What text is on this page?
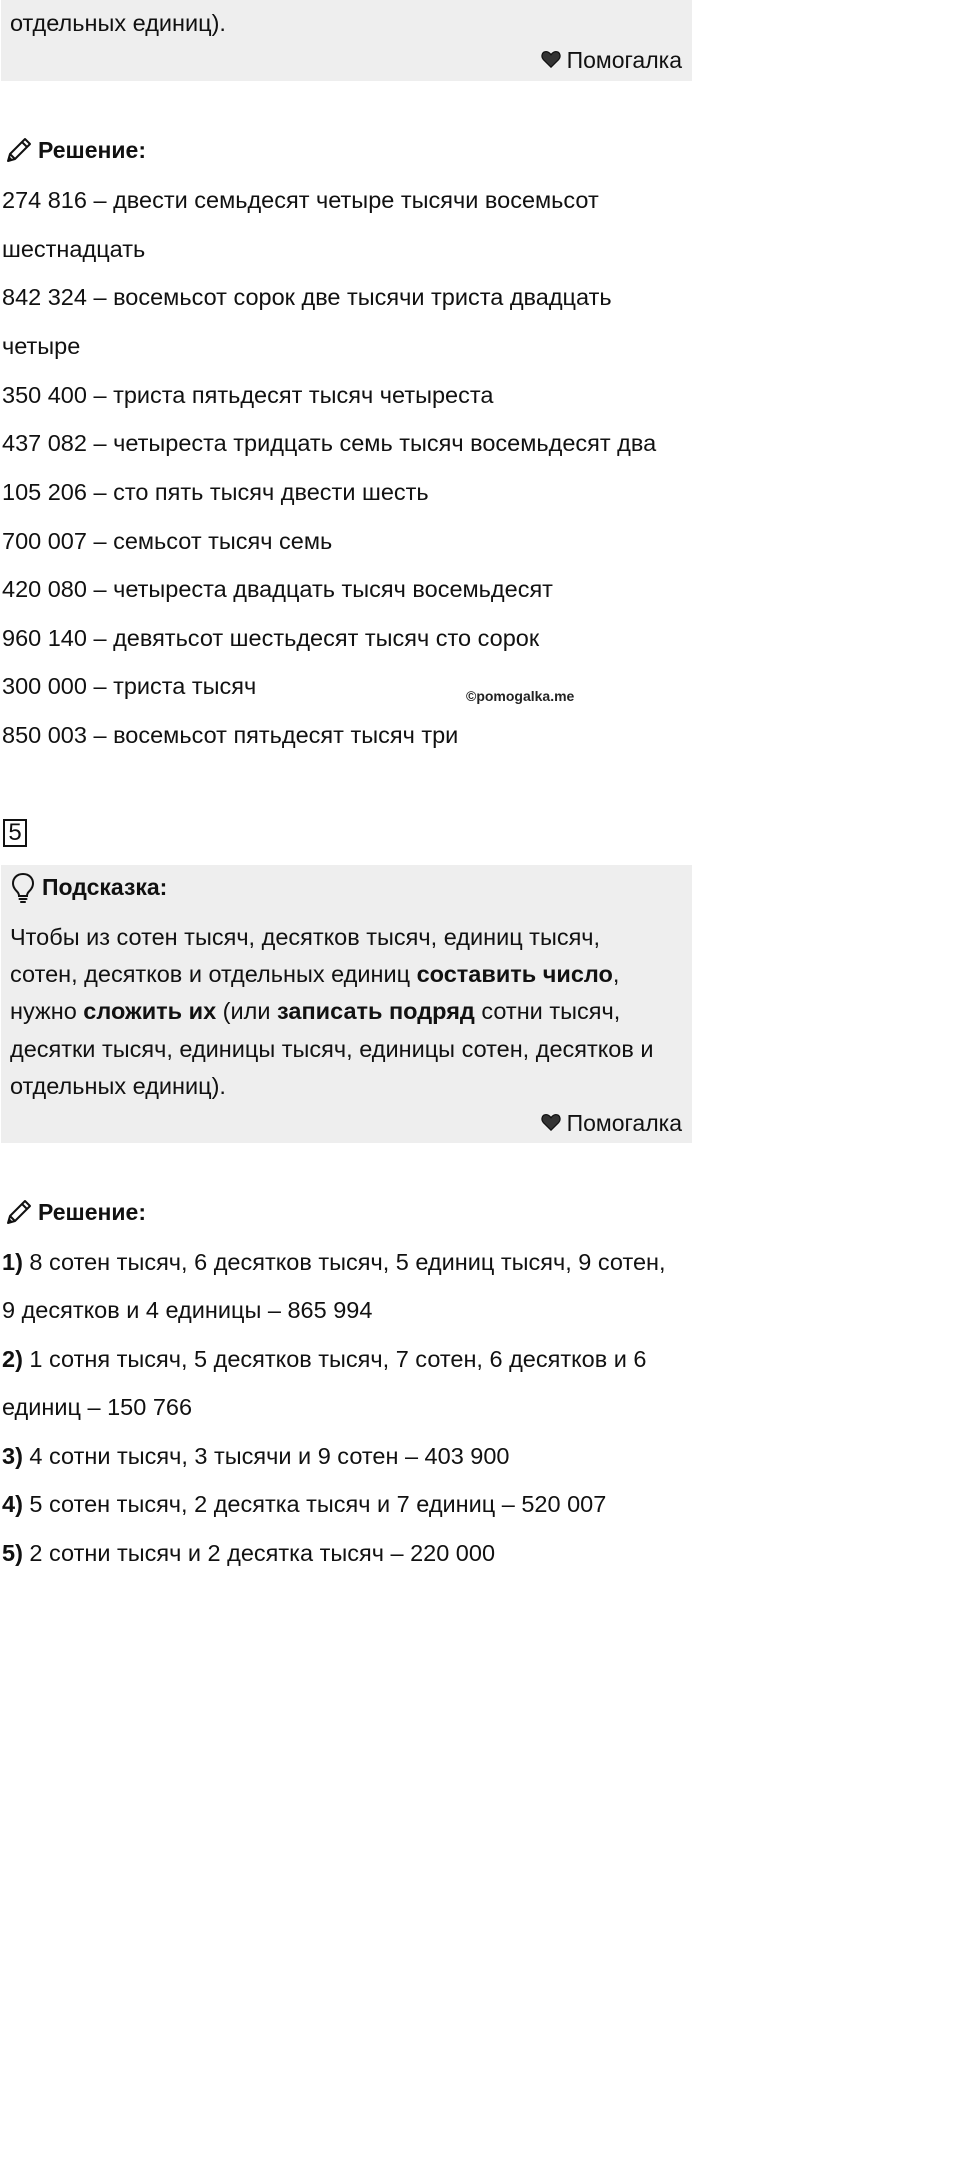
отдельных единиц).
Помогалка
Решение:
274 816 – двести семьдесят четыре тысячи восемьсот
шестнадцать
842 324 – восемьсот сорок две тысячи триста двадцать
четыре
350 400 – триста пятьдесят тысяч четыреста
437 082 – четыреста тридцать семь тысяч восемьдесят два
105 206 – сто пять тысяч двести шесть
700 007 – семьсот тысяч семь
420 080 – четыреста двадцать тысяч восемьдесят
960 140 – девятьсот шестьдесят тысяч сто сорок
300 000 – триста тысяч
850 003 – восемьсот пятьдесят тысяч три
©pomogalka.me
5
Подсказка:
Чтобы из сотен тысяч, десятков тысяч, единиц тысяч,
сотен, десятков и отдельных единиц составить число,
нужно сложить их (или записать подряд сотни тысяч,
десятки тысяч, единицы тысяч, единицы сотен, десятков и
отдельных единиц).
Помогалка
Решение:
1) 8 сотен тысяч, 6 десятков тысяч, 5 единиц тысяч, 9 сотен,
9 десятков и 4 единицы – 865 994
2) 1 сотня тысяч, 5 десятков тысяч, 7 сотен, 6 десятков и 6
единиц – 150 766
3) 4 сотни тысяч, 3 тысячи и 9 сотен – 403 900
4) 5 сотен тысяч, 2 десятка тысяч и 7 единиц – 520 007
5) 2 сотни тысяч и 2 десятка тысяч – 220 000
